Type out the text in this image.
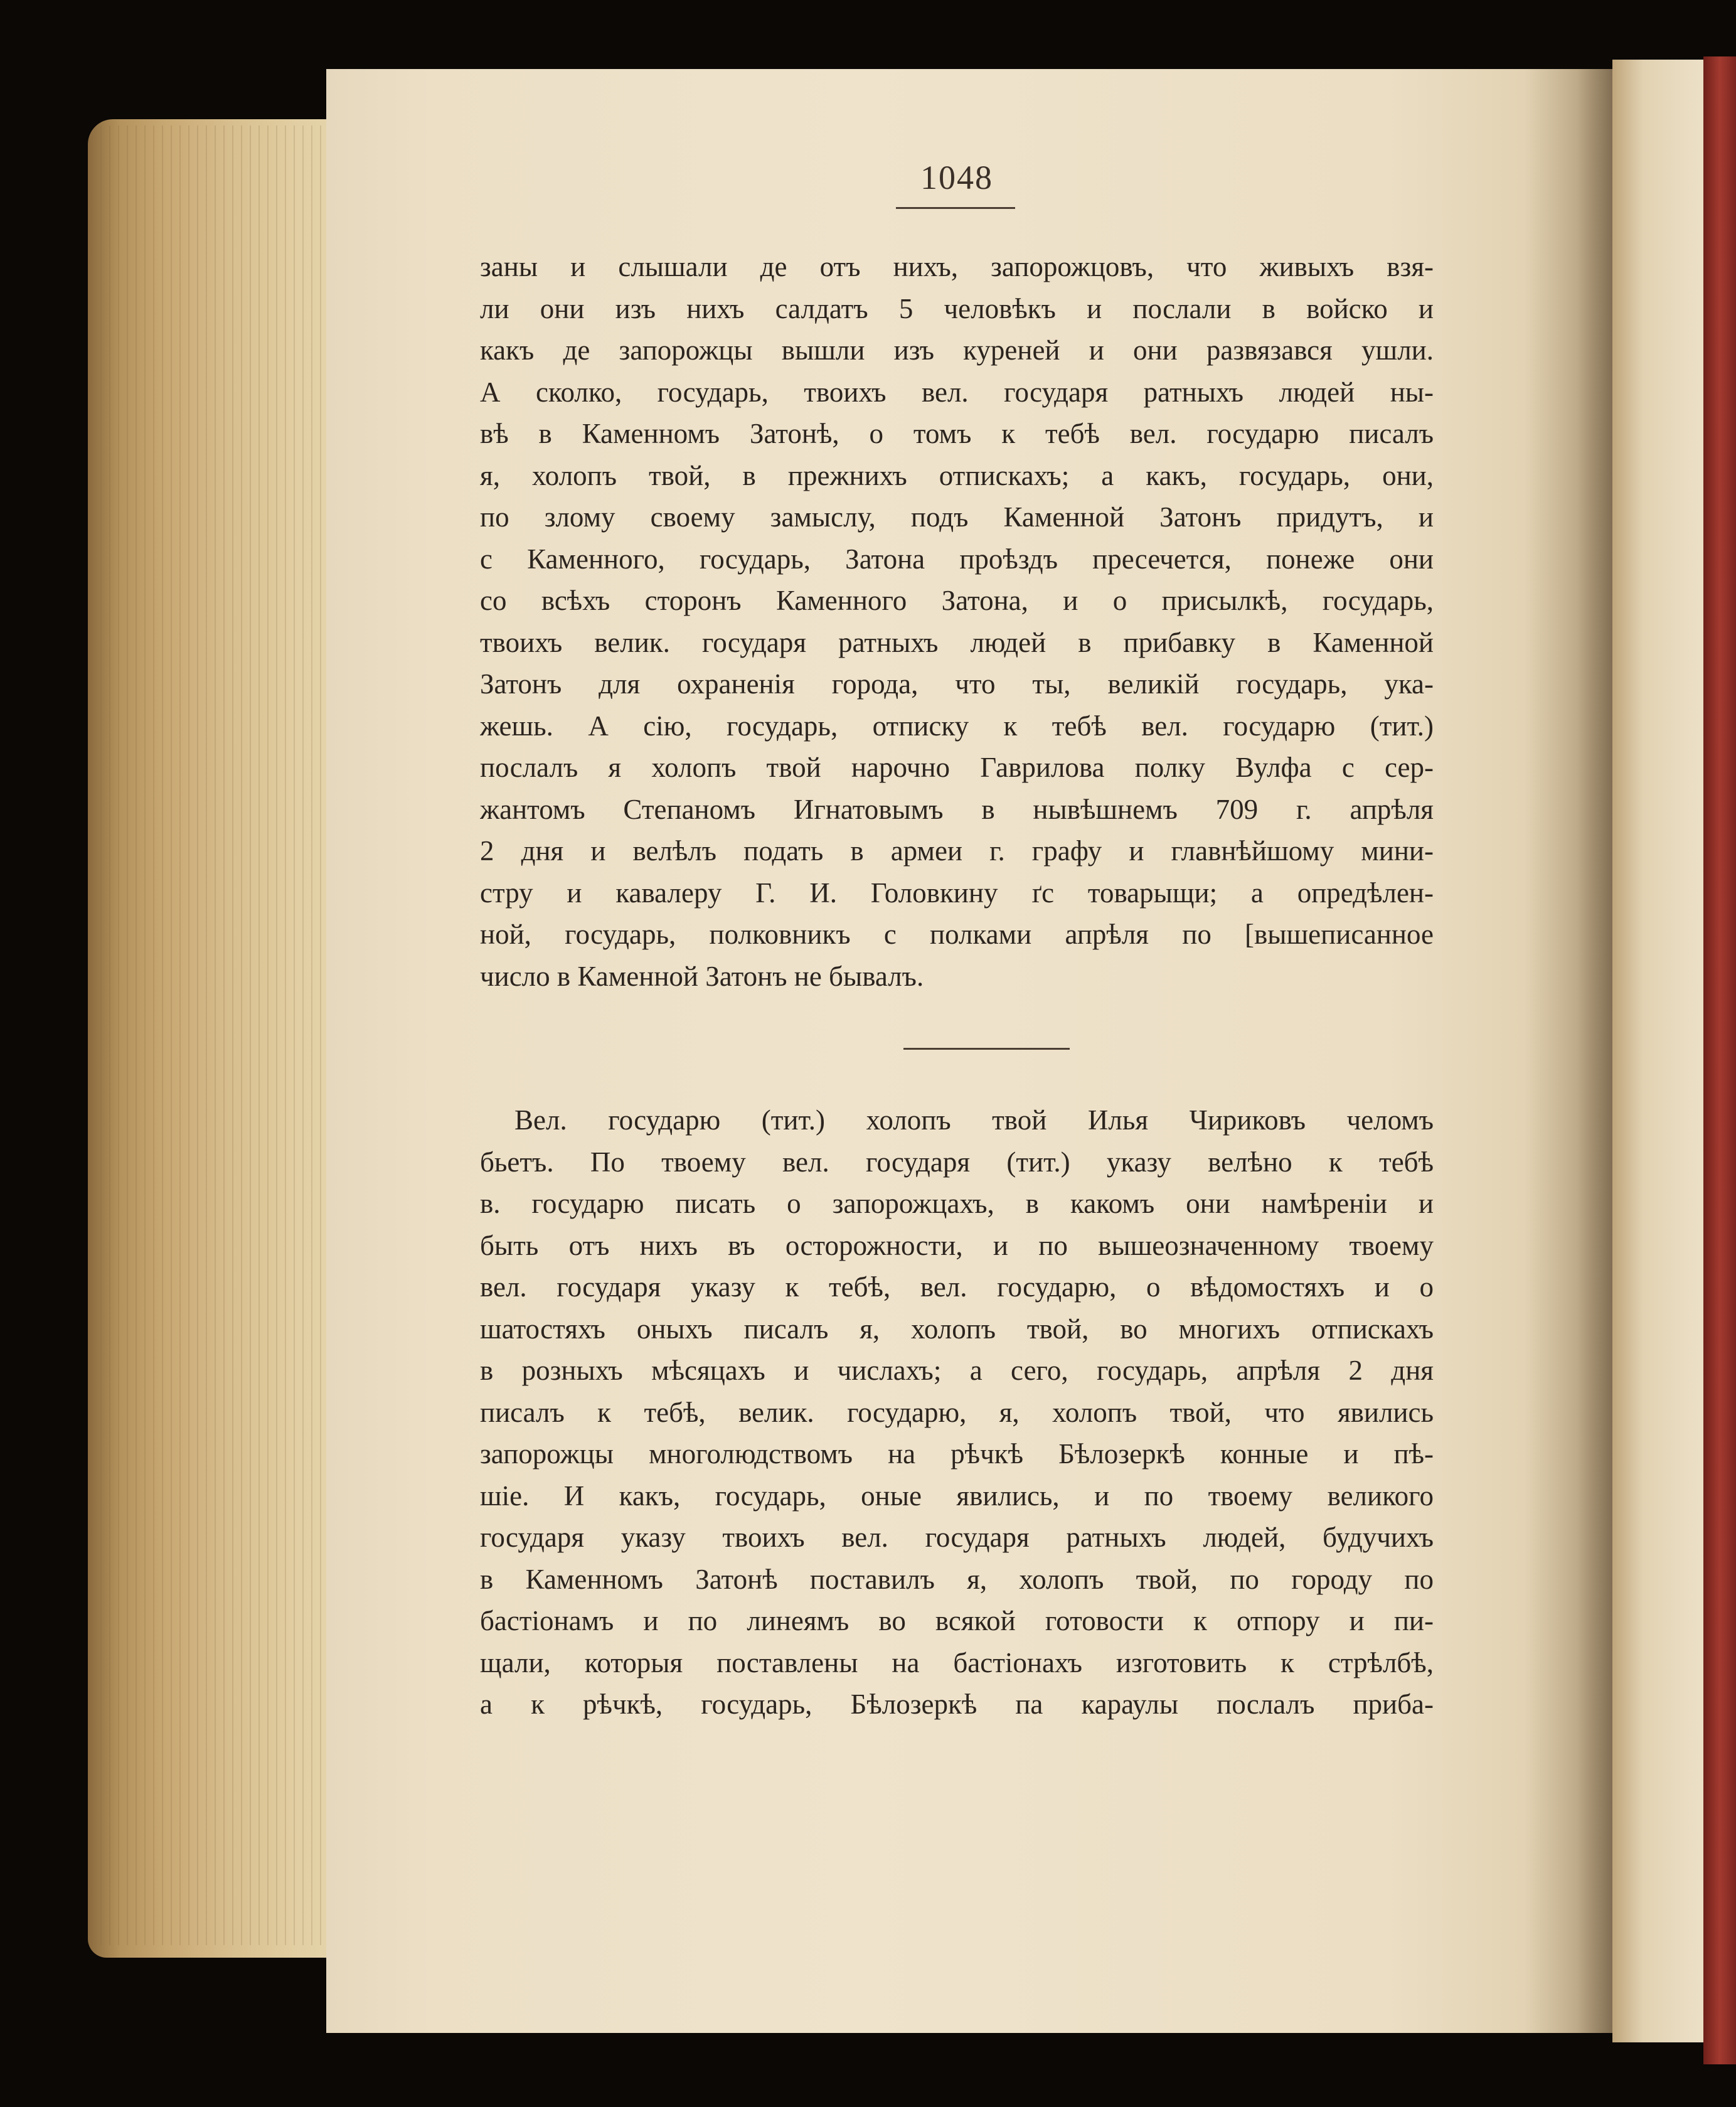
1048
заны и слышали де отъ нихъ, запорожцовъ, что живыхъ взя-
ли они изъ нихъ салдатъ 5 человѣкъ и послали в войско и
какъ де запорожцы вышли изъ куреней и они развязався ушли.
А сколко, государь, твоихъ вел. государя ратныхъ людей ны-
вѣ в Каменномъ Затонѣ, о томъ к тебѣ вел. государю писалъ
я, холопъ твой, в прежнихъ отпискахъ; а какъ, государь, они,
по злому своему замыслу, подъ Каменной Затонъ придутъ, и
с Каменного, государь, Затона проѣздъ пресечется, понеже они
со всѣхъ сторонъ Каменного Затона, и о присылкѣ, государь,
твоихъ велик. государя ратныхъ людей в прибавку в Каменной
Затонъ для охраненія города, что ты, великій государь, ука-
жешь. А сію, государь, отписку к тебѣ вел. государю (тит.)
послалъ я холопъ твой нарочно Гаврилова полку Вулфа с сер-
жантомъ Степаномъ Игнатовымъ в нывѣшнемъ 709 г. апрѣля
2 дня и велѣлъ подать в армеи г. графу и главнѣйшому мини-
стру и кавалеру Г. И. Головкину ґс товарыщи; а опредѣлен-
ной, государь, полковникъ с полками апрѣля по [вышеписанное
число в Каменной Затонъ не бывалъ.
Вел. государю (тит.) холопъ твой Илья Чириковъ челомъ
бьетъ. По твоему вел. государя (тит.) указу велѣно к тебѣ
в. государю писать о запорожцахъ, в какомъ они намѣреніи и
быть отъ нихъ въ осторожности, и по вышеозначенному твоему
вел. государя указу к тебѣ, вел. государю, о вѣдомостяхъ и о
шатостяхъ оныхъ писалъ я, холопъ твой, во многихъ отпискахъ
в розныхъ мѣсяцахъ и числахъ; а сего, государь, апрѣля 2 дня
писалъ к тебѣ, велик. государю, я, холопъ твой, что явились
запорожцы многолюдствомъ на рѣчкѣ Бѣлозеркѣ конные и пѣ-
шіе. И какъ, государь, оные явились, и по твоему великого
государя указу твоихъ вел. государя ратныхъ людей, будучихъ
в Каменномъ Затонѣ поставилъ я, холопъ твой, по городу по
бастіонамъ и по линеямъ во всякой готовости к отпору и пи-
щали, которыя поставлены на бастіонахъ изготовить к стрѣлбѣ,
а к рѣчкѣ, государь, Бѣлозеркѣ па караулы послалъ приба-
